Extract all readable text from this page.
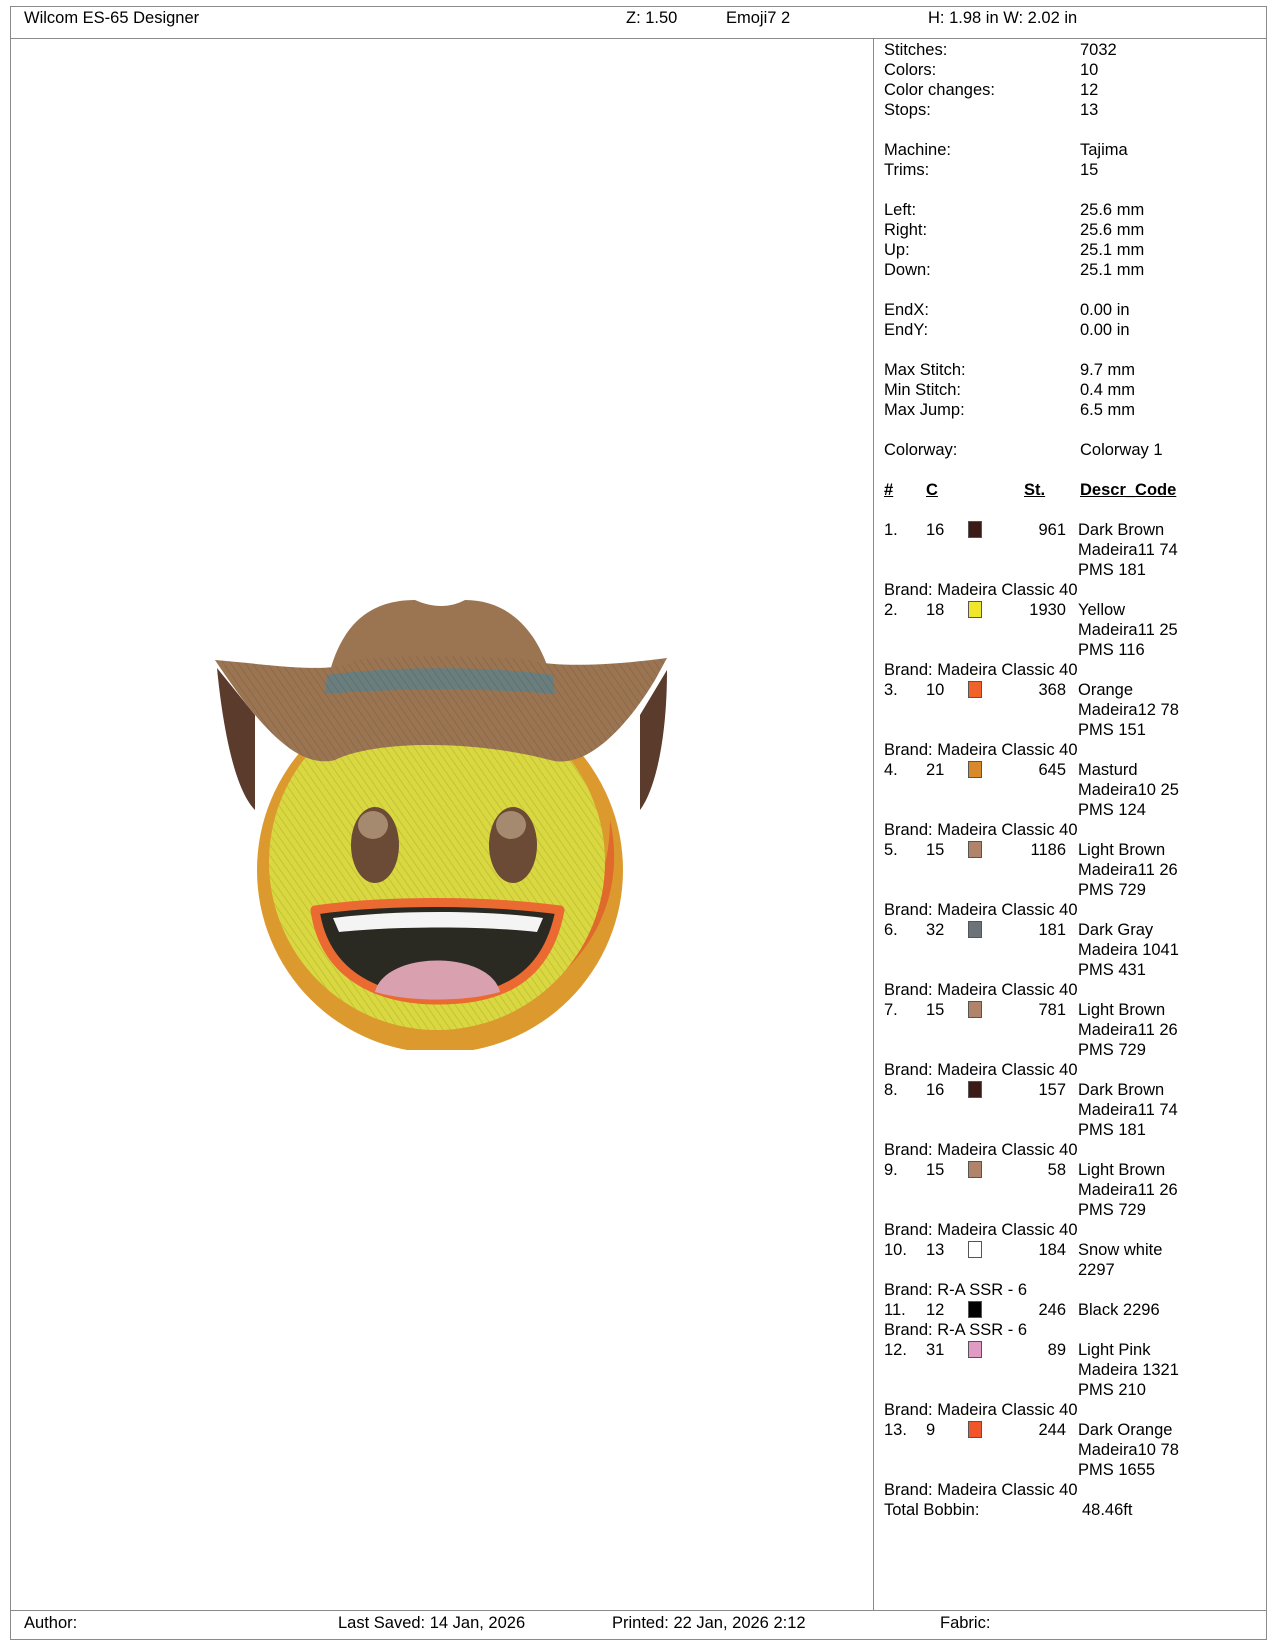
Wilcom ES-65 Designer	Z: 1.50	Emoji7 2	H: 1.98 in W: 2.02 in
Stitches:	7032
Colors:	10
Color changes:	12
Stops:	13
Machine:	Tajima
Trims:	15
Left:	25.6 mm
Right:	25.6 mm
Up:	25.1 mm
Down:	25.1 mm
EndX:	0.00 in
EndY:	0.00 in
Max Stitch:	9.7 mm
Min Stitch:	0.4 mm
Max Jump:	6.5 mm
Colorway:	Colorway 1
# C	St. Descr_Code
1. 16	961 Dark Brown
Madeira11 74
PMS 181
Brand: Madeira Classic 40
2. 18	1930 Yellow
Madeira11 25
PMS 116
Brand: Madeira Classic 40
3. 10	368 Orange
Madeira12 78
PMS 151
Brand: Madeira Classic 40
4. 21	645 Masturd
Madeira10 25
PMS 124
Brand: Madeira Classic 40
5. 15	1186 Light Brown
Madeira11 26
PMS 729
Brand: Madeira Classic 40
6. 32	181 Dark Gray
Madeira 1041
PMS 431
Brand: Madeira Classic 40
7. 15	781 Light Brown
Madeira11 26
PMS 729
Brand: Madeira Classic 40
8. 16	157 Dark Brown
Madeira11 74
PMS 181
Brand: Madeira Classic 40
9. 15	58 Light Brown
Madeira11 26
PMS 729
Brand: Madeira Classic 40
10. 13	184 Snow white
2297
Brand: R-A SSR - 6
11. 12	246 Black 2296
Brand: R-A SSR - 6
12. 31	89 Light Pink
Madeira 1321
PMS 210
Brand: Madeira Classic 40
13. 9	244 Dark Orange
Madeira10 78
PMS 1655
Brand: Madeira Classic 40
Total Bobbin:	48.46ft
Author:	Last Saved: 14 Jan, 2026	Printed: 22 Jan, 2026 2:12	Fabric:
